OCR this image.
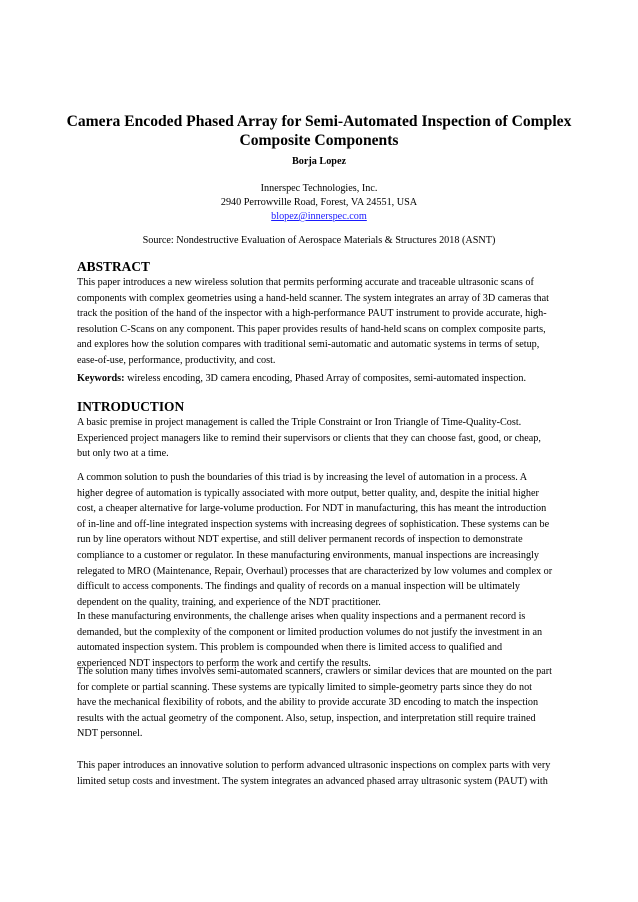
Camera Encoded Phased Array for Semi-Automated Inspection of Complex
Composite Components
Borja Lopez
Innerspec Technologies, Inc.
2940 Perrowville Road, Forest, VA 24551, USA
blopez@innerspec.com
Source: Nondestructive Evaluation of Aerospace Materials & Structures 2018 (ASNT)
ABSTRACT
This paper introduces a new wireless solution that permits performing accurate and traceable ultrasonic scans of
components with complex geometries using a hand-held scanner. The system integrates an array of 3D cameras that
track the position of the hand of the inspector with a high-performance PAUT instrument to provide accurate, high-
resolution C-Scans on any component. This paper provides results of hand-held scans on complex composite parts,
and explores how the solution compares with traditional semi-automatic and automatic systems in terms of setup,
ease-of-use, performance, productivity, and cost.
Keywords: wireless encoding, 3D camera encoding, Phased Array of composites, semi-automated inspection.
INTRODUCTION
A basic premise in project management is called the Triple Constraint or Iron Triangle of Time-Quality-Cost.
Experienced project managers like to remind their supervisors or clients that they can choose fast, good, or cheap,
but only two at a time.
A common solution to push the boundaries of this triad is by increasing the level of automation in a process. A
higher degree of automation is typically associated with more output, better quality, and, despite the initial higher
cost, a cheaper alternative for large-volume production. For NDT in manufacturing, this has meant the introduction
of in-line and off-line integrated inspection systems with increasing degrees of sophistication. These systems can be
run by line operators without NDT expertise, and still deliver permanent records of inspection to demonstrate
compliance to a customer or regulator. In these manufacturing environments, manual inspections are increasingly
relegated to MRO (Maintenance, Repair, Overhaul) processes that are characterized by low volumes and complex or
difficult to access components. The findings and quality of records on a manual inspection will be ultimately
dependent on the quality, training, and experience of the NDT practitioner.
In these manufacturing environments, the challenge arises when quality inspections and a permanent record is
demanded, but the complexity of the component or limited production volumes do not justify the investment in an
automated inspection system. This problem is compounded when there is limited access to qualified and
experienced NDT inspectors to perform the work and certify the results.
The solution many times involves semi-automated scanners, crawlers or similar devices that are mounted on the part
for complete or partial scanning. These systems are typically limited to simple-geometry parts since they do not
have the mechanical flexibility of robots, and the ability to provide accurate 3D encoding to match the inspection
results with the actual geometry of the component. Also, setup, inspection, and interpretation still require trained
NDT personnel.
This paper introduces an innovative solution to perform advanced ultrasonic inspections on complex parts with very
limited setup costs and investment. The system integrates an advanced phased array ultrasonic system (PAUT) with
